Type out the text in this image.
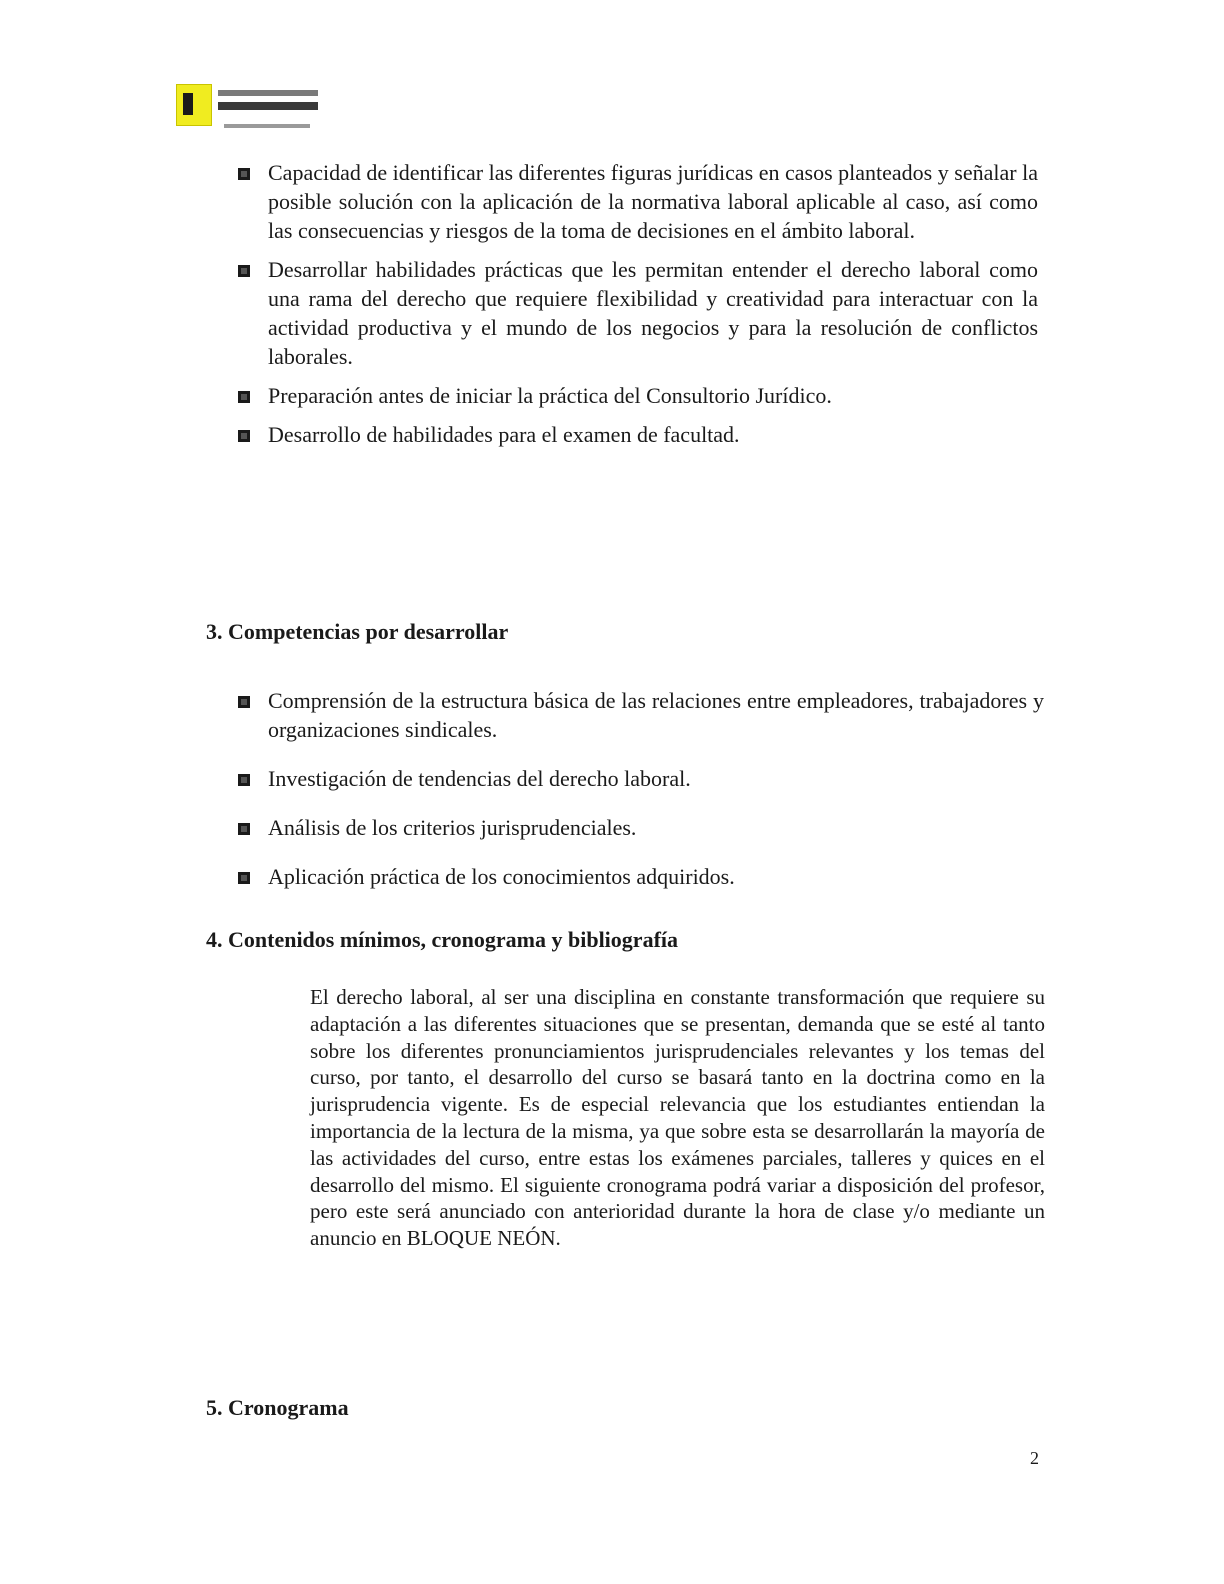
Capacidad de identificar las diferentes figuras jurídicas en casos planteados y señalar la posible solución con la aplicación de la normativa laboral aplicable al caso, así como las consecuencias y riesgos de la toma de decisiones en el ámbito laboral.
Desarrollar habilidades prácticas que les permitan entender el derecho laboral como una rama del derecho que requiere flexibilidad y creatividad para interactuar con la actividad productiva y el mundo de los negocios y para la resolución de conflictos laborales.
Preparación antes de iniciar la práctica del Consultorio Jurídico.
Desarrollo de habilidades para el examen de facultad.
3. Competencias por desarrollar
Comprensión de la estructura básica de las relaciones entre empleadores, trabajadores y organizaciones sindicales.
Investigación de tendencias del derecho laboral.
Análisis de los criterios jurisprudenciales.
Aplicación práctica de los conocimientos adquiridos.
4. Contenidos mínimos, cronograma y bibliografía

El derecho laboral, al ser una disciplina en constante transformación que requiere su adaptación a las diferentes situaciones que se presentan, demanda que se esté al tanto sobre los diferentes pronunciamientos jurisprudenciales relevantes y los temas del curso, por tanto, el desarrollo del curso se basará tanto en la doctrina como en la jurisprudencia vigente. Es de especial relevancia que los estudiantes entiendan la importancia de la lectura de la misma, ya que sobre esta se desarrollarán la mayoría de las actividades del curso, entre estas los exámenes parciales, talleres y quices en el desarrollo del mismo. El siguiente cronograma podrá variar a disposición del profesor, pero este será anunciado con anterioridad durante la hora de clase y/o mediante un anuncio en BLOQUE NEÓN.

5. Cronograma
2
